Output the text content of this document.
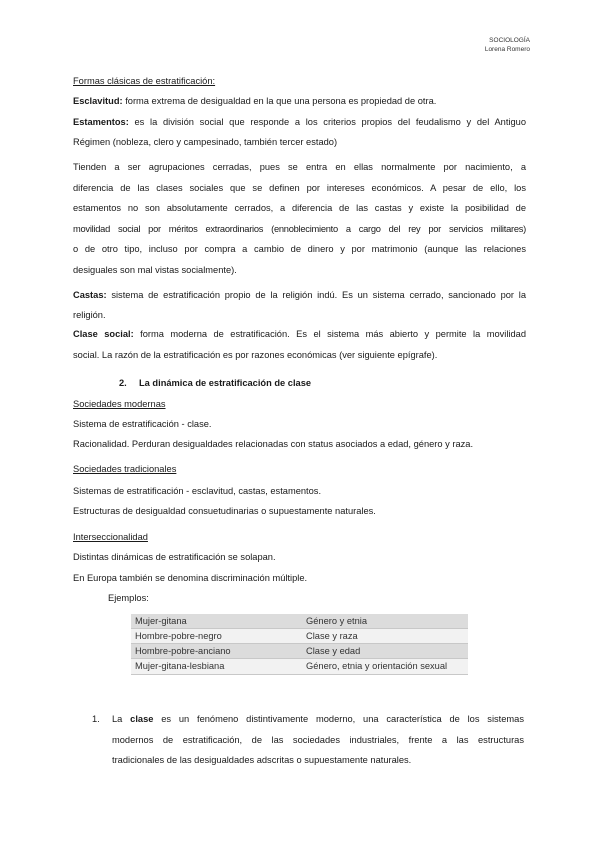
SOCIOLOGÍA
Lorena Romero
Formas clásicas de estratificación:
Esclavitud: forma extrema de desigualdad en la que una persona es propiedad de otra.
Estamentos: es la división social que responde a los criterios propios del feudalismo y del Antiguo
Régimen (nobleza, clero y campesinado, también tercer estado)
Tienden a ser agrupaciones cerradas, pues se entra en ellas normalmente por nacimiento, a
diferencia de las clases sociales que se definen por intereses económicos. A pesar de ello, los
estamentos no son absolutamente cerrados, a diferencia de las castas y existe la posibilidad de
movilidad social por méritos extraordinarios (ennoblecimiento a cargo del rey por servicios militares)
o de otro tipo, incluso por compra a cambio de dinero y por matrimonio (aunque las relaciones
desiguales son mal vistas socialmente).
Castas: sistema de estratificación propio de la religión indú. Es un sistema cerrado, sancionado por la
religión.
Clase social: forma moderna de estratificación. Es el sistema más abierto y permite la movilidad
social. La razón de la estratificación es por razones económicas (ver siguiente epígrafe).
2. La dinámica de estratificación de clase
Sociedades modernas
Sistema de estratificación - clase.
Racionalidad. Perduran desigualdades relacionadas con status asociados a edad, género y raza.
Sociedades tradicionales
Sistemas de estratificación - esclavitud, castas, estamentos.
Estructuras de desigualdad consuetudinarias o supuestamente naturales.
Interseccionalidad
Distintas dinámicas de estratificación se solapan.
En Europa también se denomina discriminación múltiple.
Ejemplos:
Mujer-gitana	Género y etnia
Hombre-pobre-negro	Clase y raza
Hombre-pobre-anciano	Clase y edad
Mujer-gitana-lesbiana	Género, etnia y orientación sexual
1. La clase es un fenómeno distintivamente moderno, una característica de los sistemas
modernos de estratificación, de las sociedades industriales, frente a las estructuras
tradicionales de las desigualdades adscritas o supuestamente naturales.
